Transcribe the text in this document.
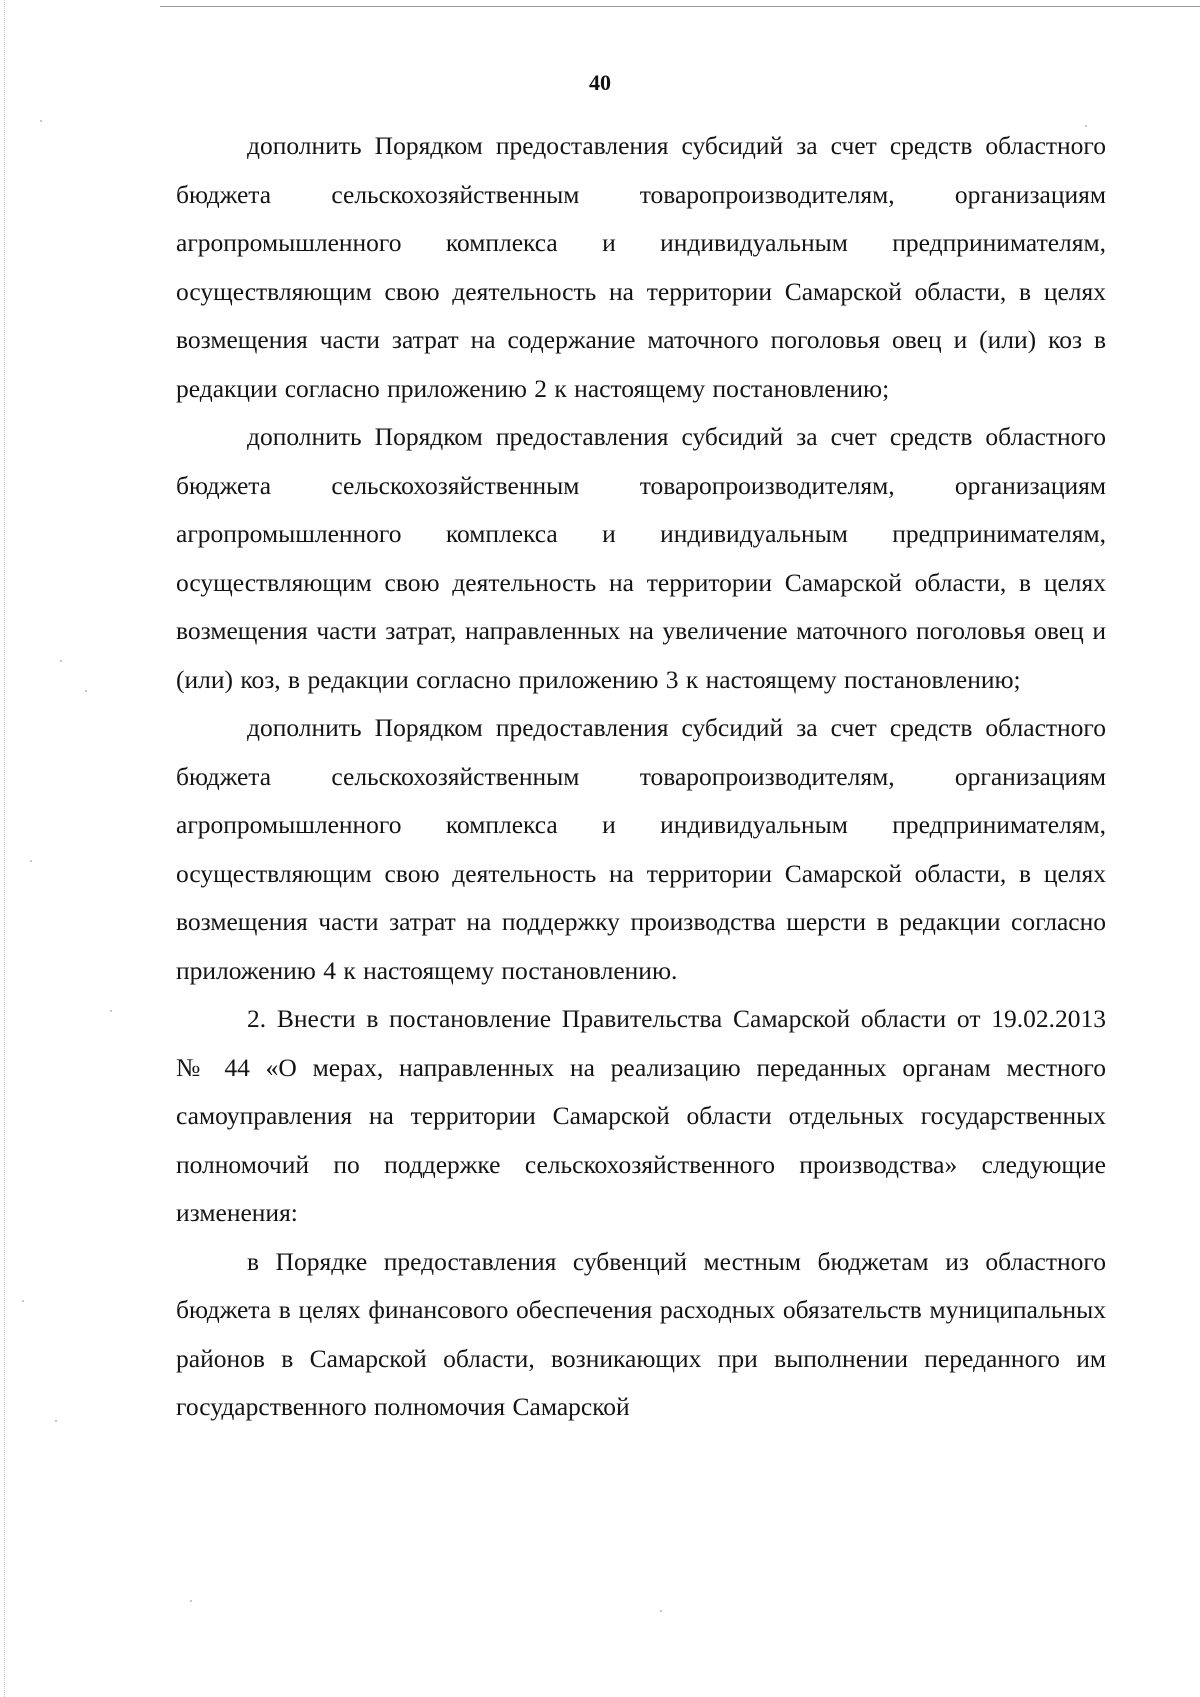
40

дополнить Порядком предоставления субсидий за счет средств областного бюджета сельскохозяйственным товаропроизводителям, организациям агропромышленного комплекса и индивидуальным предпринимателям, осуществляющим свою деятельность на территории Самарской области, в целях возмещения части затрат на содержание маточного поголовья овец и (или) коз в редакции согласно приложению 2 к настоящему постановлению;

дополнить Порядком предоставления субсидий за счет средств областного бюджета сельскохозяйственным товаропроизводителям, организациям агропромышленного комплекса и индивидуальным предпринимателям, осуществляющим свою деятельность на территории Самарской области, в целях возмещения части затрат, направленных на увеличение маточного поголовья овец и (или) коз, в редакции согласно приложению 3 к настоящему постановлению;

дополнить Порядком предоставления субсидий за счет средств областного бюджета сельскохозяйственным товаропроизводителям, организациям агропромышленного комплекса и индивидуальным предпринимателям, осуществляющим свою деятельность на территории Самарской области, в целях возмещения части затрат на поддержку производства шерсти в редакции согласно приложению 4 к настоящему постановлению.

2. Внести в постановление Правительства Самарской области от 19.02.2013 № 44 «О мерах, направленных на реализацию переданных органам местного самоуправления на территории Самарской области отдельных государственных полномочий по поддержке сельскохозяйственного производства» следующие изменения:

в Порядке предоставления субвенций местным бюджетам из областного бюджета в целях финансового обеспечения расходных обязательств муниципальных районов в Самарской области, возникающих при выполнении переданного им государственного полномочия Самарской
